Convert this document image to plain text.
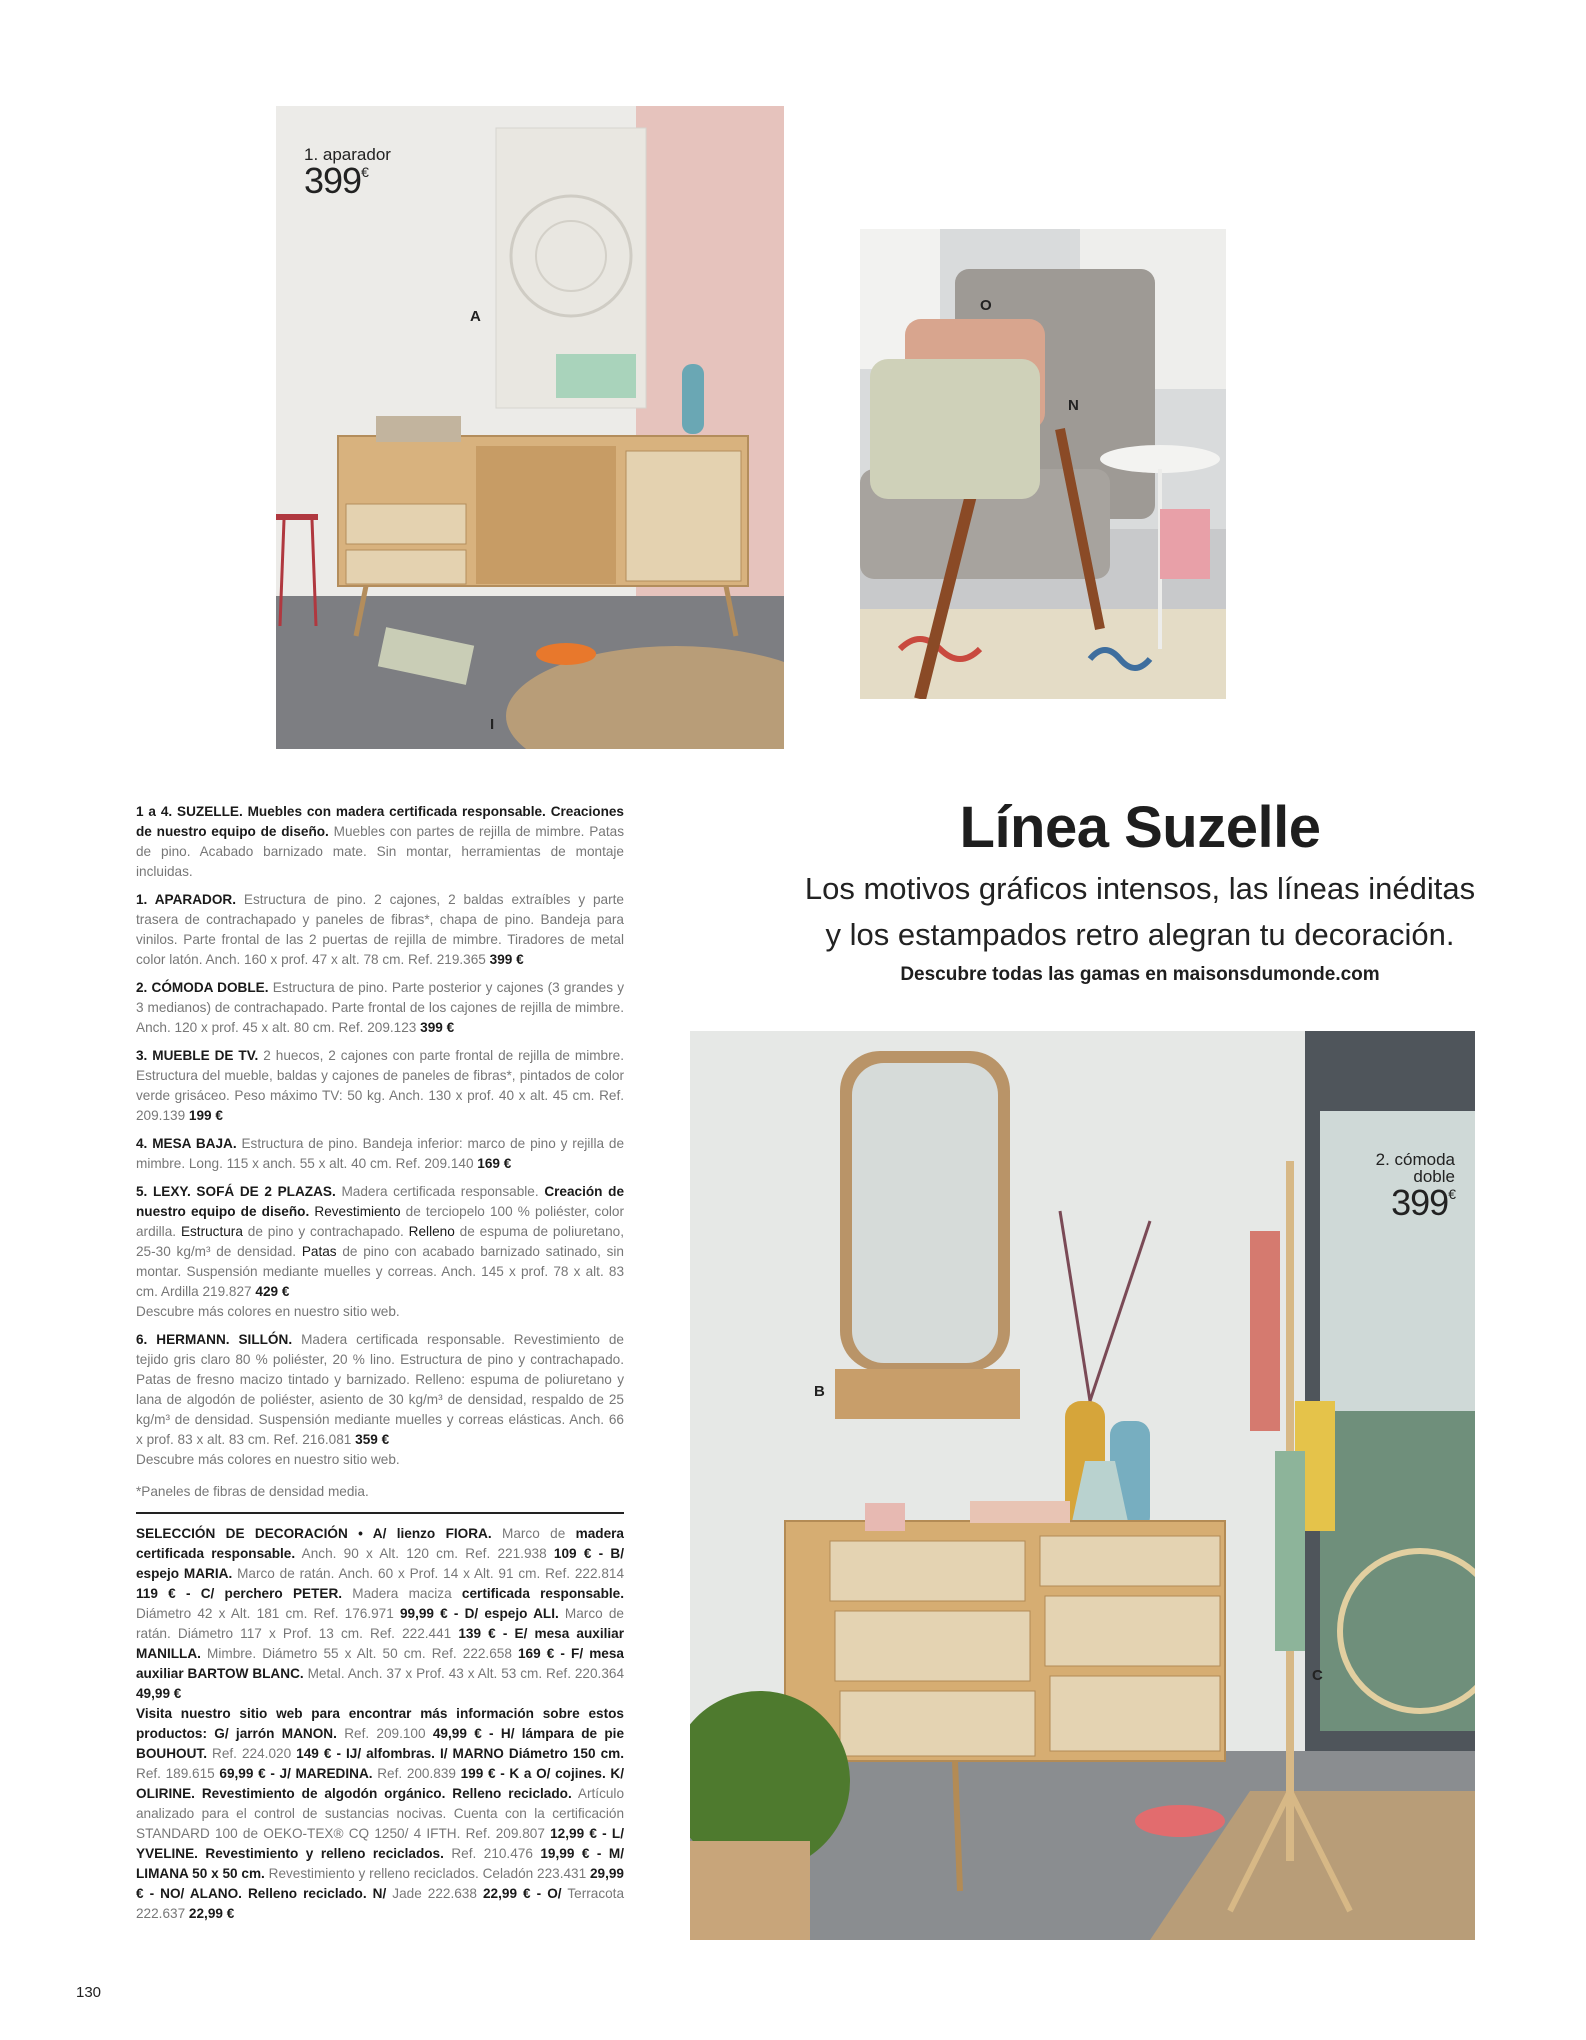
1. aparador
399€
A
I
O
N
B
C
2. cómoda
doble
399€
Línea Suzelle
Los motivos gráficos intensos, las líneas inéditas
y los estampados retro alegran tu decoración.
Descubre todas las gamas en maisonsdumonde.com

1 a 4. SUZELLE. Muebles con madera certificada responsable. Creaciones de nuestro equipo de diseño. Muebles con partes de rejilla de mimbre. Patas de pino. Acabado barnizado mate. Sin montar, herramientas de montaje incluidas.

1. APARADOR. Estructura de pino. 2 cajones, 2 baldas extraíbles y parte trasera de contrachapado y paneles de fibras*, chapa de pino. Bandeja para vinilos. Parte frontal de las 2 puertas de rejilla de mimbre. Tiradores de metal color latón. Anch. 160 x prof. 47 x alt. 78 cm. Ref. 219.365 399 €

2. CÓMODA DOBLE. Estructura de pino. Parte posterior y cajones (3 grandes y 3 medianos) de contrachapado. Parte frontal de los cajones de rejilla de mimbre. Anch. 120 x prof. 45 x alt. 80 cm. Ref. 209.123 399 €

3. MUEBLE DE TV. 2 huecos, 2 cajones con parte frontal de rejilla de mimbre. Estructura del mueble, baldas y cajones de paneles de fibras*, pintados de color verde grisáceo. Peso máximo TV: 50 kg. Anch. 130 x prof. 40 x alt. 45 cm. Ref. 209.139 199 €

4. MESA BAJA. Estructura de pino. Bandeja inferior: marco de pino y rejilla de mimbre. Long. 115 x anch. 55 x alt. 40 cm. Ref. 209.140 169 €

5. LEXY. SOFÁ DE 2 PLAZAS. Madera certificada responsable. Creación de nuestro equipo de diseño. Revestimiento de terciopelo 100 % poliéster, color ardilla. Estructura de pino y contrachapado. Relleno de espuma de poliuretano, 25-30 kg/m³ de densidad. Patas de pino con acabado barnizado satinado, sin montar. Suspensión mediante muelles y correas. Anch. 145 x prof. 78 x alt. 83 cm. Ardilla 219.827 429 €
Descubre más colores en nuestro sitio web.

6. HERMANN. SILLÓN. Madera certificada responsable. Revestimiento de tejido gris claro 80 % poliéster, 20 % lino. Estructura de pino y contrachapado. Patas de fresno macizo tintado y barnizado. Relleno: espuma de poliuretano y lana de algodón de poliéster, asiento de 30 kg/m³ de densidad, respaldo de 25 kg/m³ de densidad. Suspensión mediante muelles y correas elásticas. Anch. 66 x prof. 83 x alt. 83 cm. Ref. 216.081 359 €
Descubre más colores en nuestro sitio web.

*Paneles de fibras de densidad media.

SELECCIÓN DE DECORACIÓN • A/ lienzo FIORA. Marco de madera certificada responsable. Anch. 90 x Alt. 120 cm. Ref. 221.938 109 € - B/ espejo MARIA. Marco de ratán. Anch. 60 x Prof. 14 x Alt. 91 cm. Ref. 222.814 119 € - C/ perchero PETER. Madera maciza certificada responsable. Diámetro 42 x Alt. 181 cm. Ref. 176.971 99,99 € - D/ espejo ALI. Marco de ratán. Diámetro 117 x Prof. 13 cm. Ref. 222.441 139 € - E/ mesa auxiliar MANILLA. Mimbre. Diámetro 55 x Alt. 50 cm. Ref. 222.658 169 € - F/ mesa auxiliar BARTOW BLANC. Metal. Anch. 37 x Prof. 43 x Alt. 53 cm. Ref. 220.364 49,99 €
Visita nuestro sitio web para encontrar más información sobre estos productos: G/ jarrón MANON. Ref. 209.100 49,99 € - H/ lámpara de pie BOUHOUT. Ref. 224.020 149 € - IJ/ alfombras. I/ MARNO Diámetro 150 cm. Ref. 189.615 69,99 € - J/ MAREDINA. Ref. 200.839 199 € - K a O/ cojines. K/ OLIRINE. Revestimiento de algodón orgánico. Relleno reciclado. Artículo analizado para el control de sustancias nocivas. Cuenta con la certificación STANDARD 100 de OEKO-TEX® CQ 1250/ 4 IFTH. Ref. 209.807 12,99 € - L/ YVELINE. Revestimiento y relleno reciclados. Ref. 210.476 19,99 € - M/ LIMANA 50 x 50 cm. Revestimiento y relleno reciclados. Celadón 223.431 29,99 € - NO/ ALANO. Relleno reciclado. N/ Jade 222.638 22,99 € - O/ Terracota 222.637 22,99 €

130
